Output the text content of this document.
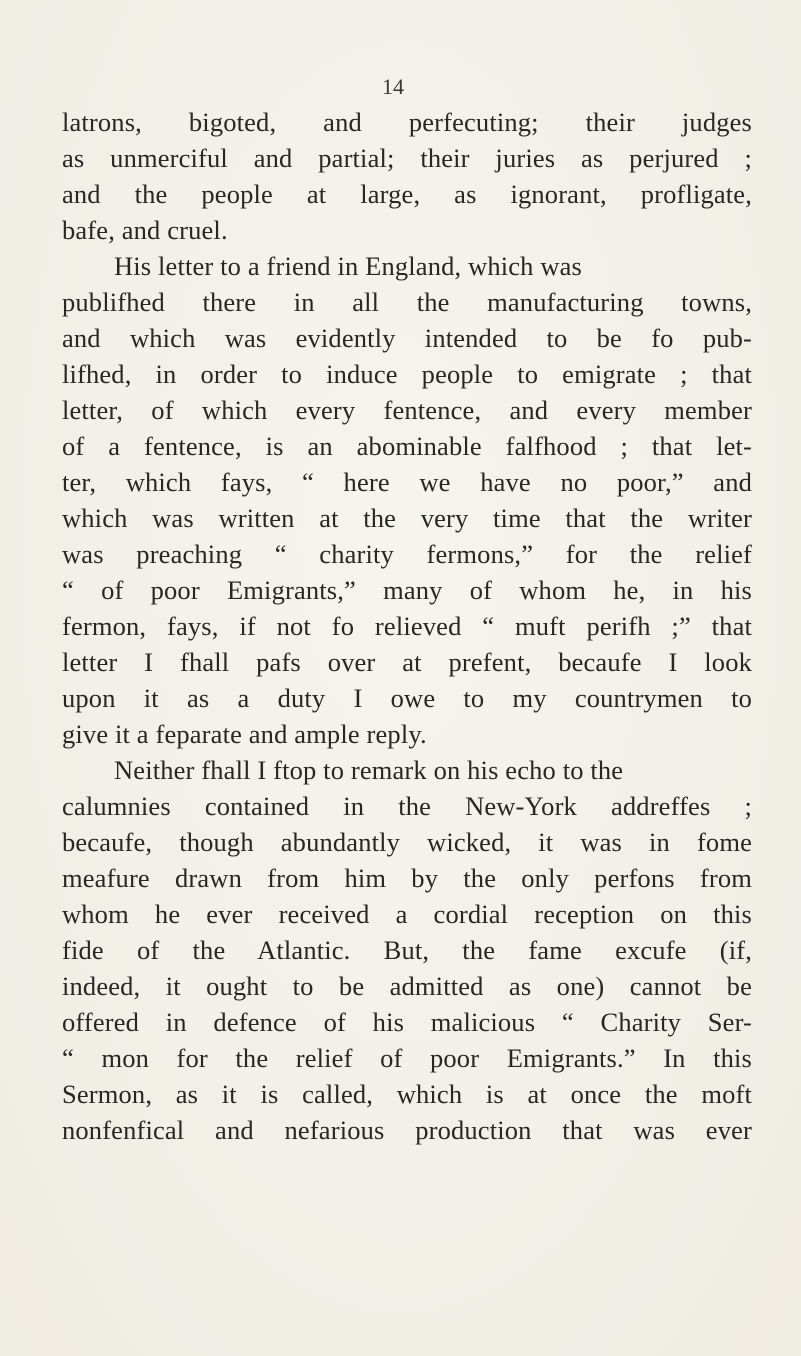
14
latrons, bigoted, and perfecuting; their judges
as unmerciful and partial; their juries as perjured ;
and the people at large, as ignorant, profligate,
bafe, and cruel.
His letter to a friend in England, which was
publifhed there in all the manufacturing towns,
and which was evidently intended to be fo pub-
lifhed, in order to induce people to emigrate ; that
letter, of which every fentence, and every member
of a fentence, is an abominable falfhood ; that let-
ter, which fays, “ here we have no poor,” and
which was written at the very time that the writer
was preaching “ charity fermons,” for the relief
“ of poor Emigrants,” many of whom he, in his
fermon, fays, if not fo relieved “ muft perifh ;” that
letter I fhall pafs over at prefent, becaufe I look
upon it as a duty I owe to my countrymen to
give it a feparate and ample reply.
Neither fhall I ftop to remark on his echo to the
calumnies contained in the New-York addreffes ;
becaufe, though abundantly wicked, it was in fome
meafure drawn from him by the only perfons from
whom he ever received a cordial reception on this
fide of the Atlantic. But, the fame excufe (if,
indeed, it ought to be admitted as one) cannot be
offered in defence of his malicious “ Charity Ser-
“ mon for the relief of poor Emigrants.” In this
Sermon, as it is called, which is at once the moft
nonfenfical and nefarious production that was ever
